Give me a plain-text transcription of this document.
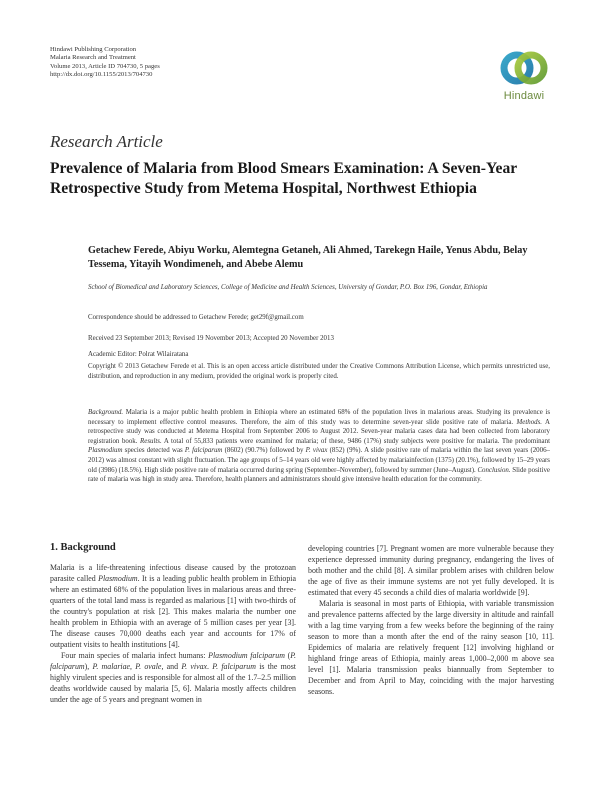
Hindawi Publishing Corporation
Malaria Research and Treatment
Volume 2013, Article ID 704730, 5 pages
http://dx.doi.org/10.1155/2013/704730
Hindawi
Research Article
Prevalence of Malaria from Blood Smears Examination: A Seven-Year Retrospective Study from Metema Hospital, Northwest Ethiopia
Getachew Ferede, Abiyu Worku, Alemtegna Getaneh, Ali Ahmed, Tarekegn Haile, Yenus Abdu, Belay Tessema, Yitayih Wondimeneh, and Abebe Alemu
School of Biomedical and Laboratory Sciences, College of Medicine and Health Sciences, University of Gondar, P.O. Box 196, Gondar, Ethiopia
Correspondence should be addressed to Getachew Ferede; get29f@gmail.com
Received 23 September 2013; Revised 19 November 2013; Accepted 20 November 2013
Academic Editor: Polrat Wilairatana
Copyright © 2013 Getachew Ferede et al. This is an open access article distributed under the Creative Commons Attribution License, which permits unrestricted use, distribution, and reproduction in any medium, provided the original work is properly cited.
Background. Malaria is a major public health problem in Ethiopia where an estimated 68% of the population lives in malarious areas. Studying its prevalence is necessary to implement effective control measures. Therefore, the aim of this study was to determine seven-year slide positive rate of malaria. Methods. A retrospective study was conducted at Metema Hospital from September 2006 to August 2012. Seven-year malaria cases data had been collected from laboratory registration book. Results. A total of 55,833 patients were examined for malaria; of these, 9486 (17%) study subjects were positive for malaria. The predominant Plasmodium species detected was P. falciparum (8602) (90.7%) followed by P. vivax (852) (9%). A slide positive rate of malaria within the last seven years (2006–2012) was almost constant with slight fluctuation. The age groups of 5–14 years old were highly affected by malariainfection (1375) (20.1%), followed by 15–29 years old (3986) (18.5%). High slide positive rate of malaria occurred during spring (September–November), followed by summer (June–August). Conclusion. Slide positive rate of malaria was high in study area. Therefore, health planners and administrators should give intensive health education for the community.
1. Background

Malaria is a life-threatening infectious disease caused by the protozoan parasite called Plasmodium. It is a leading public health problem in Ethiopia where an estimated 68% of the population lives in malarious areas and three-quarters of the total land mass is regarded as malarious [1] with two-thirds of the country's population at risk [2]. This makes malaria the number one health problem in Ethiopia with an average of 5 million cases per year [3]. The disease causes 70,000 deaths each year and accounts for 17% of outpatient visits to health institutions [4].

Four main species of malaria infect humans: Plasmodium falciparum (P. falciparum), P. malariae, P. ovale, and P. vivax. P. falciparum is the most highly virulent species and is responsible for almost all of the 1.7–2.5 million deaths worldwide caused by malaria [5, 6]. Malaria mostly affects children under the age of 5 years and pregnant women in

developing countries [7]. Pregnant women are more vulnerable because they experience depressed immunity during pregnancy, endangering the lives of both mother and the child [8]. A similar problem arises with children below the age of five as their immune systems are not yet fully developed. It is estimated that every 45 seconds a child dies of malaria worldwide [9].

Malaria is seasonal in most parts of Ethiopia, with variable transmission and prevalence patterns affected by the large diversity in altitude and rainfall with a lag time varying from a few weeks before the beginning of the rainy season to more than a month after the end of the rainy season [10, 11]. Epidemics of malaria are relatively frequent [12] involving highland or highland fringe areas of Ethiopia, mainly areas 1,000–2,000 m above sea level [1]. Malaria transmission peaks biannually from September to December and from April to May, coinciding with the major harvesting seasons.
